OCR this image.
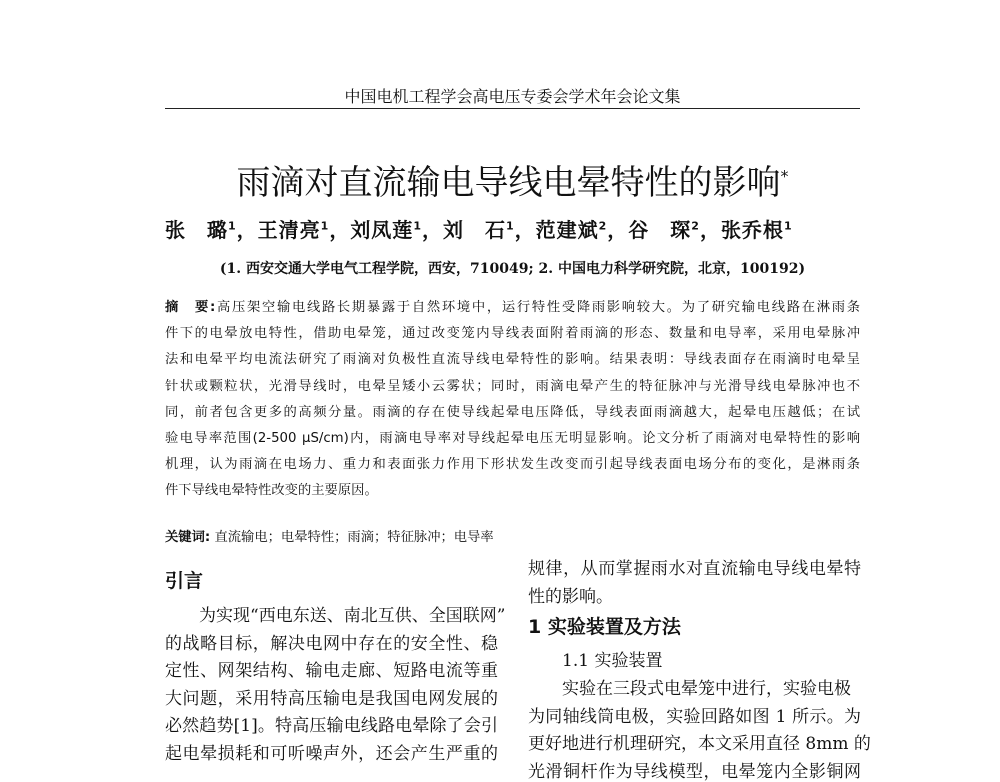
中国电机工程学会高电压专委会学术年会论文集
雨滴对直流输电导线电晕特性的影响*
张　璐$^1$，王清亮$^1$，刘凤莲$^1$，刘　石$^1$，范建斌$^2$，谷　琛$^2$，张乔根$^1$
(1. 西安交通大学电气工程学院，西安，710049; 2. 中国电力科学研究院，北京，100192)
摘　要:高压架空输电线路长期暴露于自然环境中，运行特性受降雨影响较大。为了研究输电线路在淋雨条
件下的电晕放电特性，借助电晕笼，通过改变笼内导线表面附着雨滴的形态、数量和电导率，采用电晕脉冲
法和电晕平均电流法研究了雨滴对负极性直流导线电晕特性的影响。结果表明：导线表面存在雨滴时电晕呈
针状或颗粒状，光滑导线时，电晕呈矮小云雾状；同时，雨滴电晕产生的特征脉冲与光滑导线电晕脉冲也不
同，前者包含更多的高频分量。雨滴的存在使导线起晕电压降低，导线表面雨滴越大，起晕电压越低；在试
验电导率范围(2-500 μS/cm)内，雨滴电导率对导线起晕电压无明显影响。论文分析了雨滴对电晕特性的影响
机理，认为雨滴在电场力、重力和表面张力作用下形状发生改变而引起导线表面电场分布的变化，是淋雨条
件下导线电晕特性改变的主要原因。
关键词: 直流输电；电晕特性；雨滴；特征脉冲；电导率
引言
　　为实现“西电东送、南北互供、全国联网”
的战略目标，解决电网中存在的安全性、稳
定性、网架结构、输电走廊、短路电流等重
大问题，采用特高压输电是我国电网发展的
必然趋势[1]。特高压输电线路电晕除了会引
起电晕损耗和可听噪声外，还会产生严重的
规律，从而掌握雨水对直流输电导线电晕特
性的影响。
　　实验在三段式电晕笼中进行，实验电极
为同轴线筒电极，实验回路如图 1 所示。为
更好地进行机理研究，本文采用直径 8mm 的
光滑铜杆作为导线模型，电晕笼内全影铜网
1 实验装置及方法
1.1 实验装置
